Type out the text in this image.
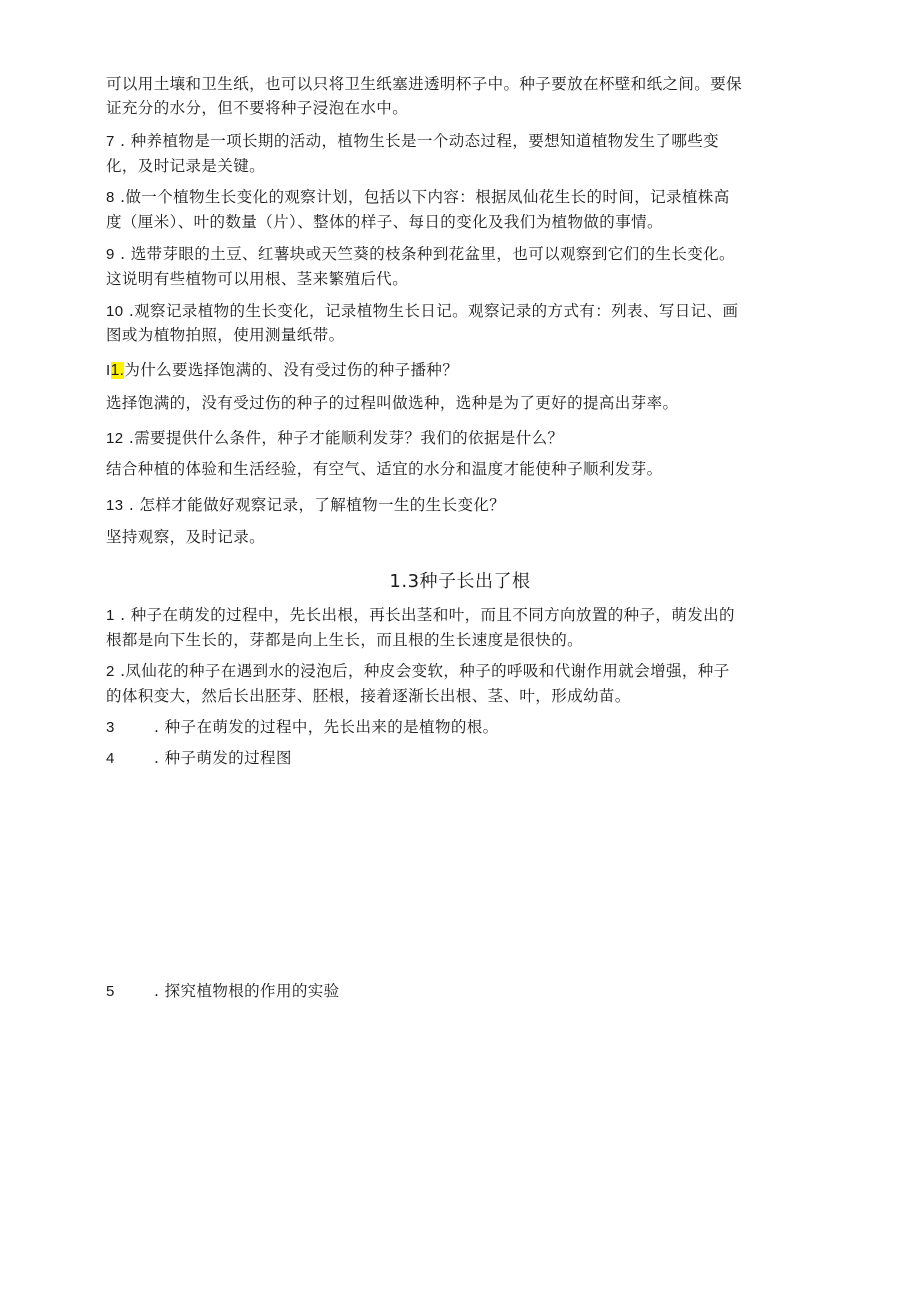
可以用土壤和卫生纸，也可以只将卫生纸塞进透明杯子中。种子要放在杯壁和纸之间。要保
证充分的水分，但不要将种子浸泡在水中。
7 . 种养植物是一项长期的活动，植物生长是一个动态过程，要想知道植物发生了哪些变
化，及时记录是关键。
8 .做一个植物生长变化的观察计划，包括以下内容：根据凤仙花生长的时间，记录植株高
度（厘米）、叶的数量（片）、整体的样子、每日的变化及我们为植物做的事情。
9 . 选带芽眼的土豆、红薯块或天竺葵的枝条种到花盆里，也可以观察到它们的生长变化。
这说明有些植物可以用根、茎来繁殖后代。
10 .观察记录植物的生长变化，记录植物生长日记。观察记录的方式有：列表、写日记、画
图或为植物拍照，使用测量纸带。
I1.为什么要选择饱满的、没有受过伤的种子播种？
选择饱满的，没有受过伤的种子的过程叫做选种，选种是为了更好的提高出芽率。
12 .需要提供什么条件，种子才能顺利发芽？我们的依据是什么？
结合种植的体验和生活经验，有空气、适宜的水分和温度才能使种子顺利发芽。
13 . 怎样才能做好观察记录，了解植物一生的生长变化？
坚持观察，及时记录。
1.3种子长出了根
1 . 种子在萌发的过程中，先长出根，再长出茎和叶，而且不同方向放置的种子，萌发出的
根都是向下生长的，芽都是向上生长，而且根的生长速度是很快的。
2 .凤仙花的种子在遇到水的浸泡后，种皮会变软，种子的呼吸和代谢作用就会增强，种子
的体积变大，然后长出胚芽、胚根，接着逐渐长出根、茎、叶，形成幼苗。
3	. 种子在萌发的过程中，先长出来的是植物的根。
4	. 种子萌发的过程图
5	. 探究植物根的作用的实验
